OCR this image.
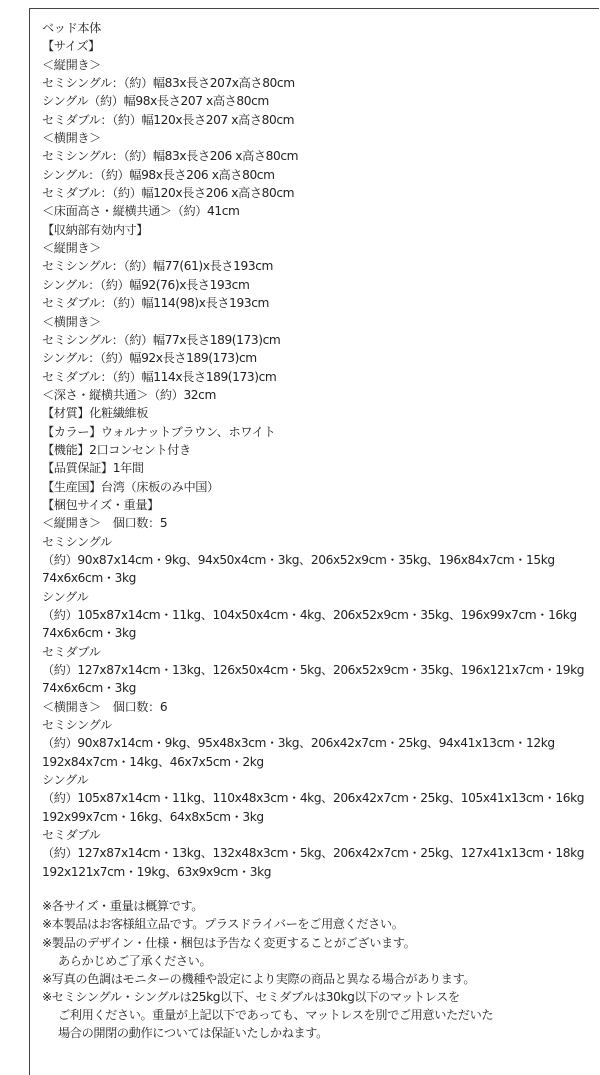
ベッド本体
【サイズ】
＜縦開き＞
セミシングル：（約）幅83x長さ207x高さ80cm
シングル（約）幅98x長さ207 x高さ80cm
セミダブル：（約）幅120x長さ207 x高さ80cm
＜横開き＞
セミシングル：（約）幅83x長さ206 x高さ80cm
シングル：（約）幅98x長さ206 x高さ80cm
セミダブル：（約）幅120x長さ206 x高さ80cm
＜床面高さ・縦横共通＞（約）41cm
【収納部有効内寸】
＜縦開き＞
セミシングル：（約）幅77(61)x長さ193cm
シングル：（約）幅92(76)x長さ193cm
セミダブル：（約）幅114(98)x長さ193cm
＜横開き＞
セミシングル：（約）幅77x長さ189(173)cm
シングル：（約）幅92x長さ189(173)cm
セミダブル：（約）幅114x長さ189(173)cm
＜深さ・縦横共通＞（約）32cm
【材質】化粧繊維板
【カラー】ウォルナットブラウン、ホワイト
【機能】2口コンセント付き
【品質保証】1年間
【生産国】台湾（床板のみ中国）
【梱包サイズ・重量】
＜縦開き＞　個口数：5
セミシングル
（約）90x87x14cm・9kg、94x50x4cm・3kg、206x52x9cm・35kg、196x84x7cm・15kg
74x6x6cm・3kg
シングル
（約）105x87x14cm・11kg、104x50x4cm・4kg、206x52x9cm・35kg、196x99x7cm・16kg
74x6x6cm・3kg
セミダブル
（約）127x87x14cm・13kg、126x50x4cm・5kg、206x52x9cm・35kg、196x121x7cm・19kg
74x6x6cm・3kg
＜横開き＞　個口数：6
セミシングル
（約）90x87x14cm・9kg、95x48x3cm・3kg、206x42x7cm・25kg、94x41x13cm・12kg
192x84x7cm・14kg、46x7x5cm・2kg
シングル
（約）105x87x14cm・11kg、110x48x3cm・4kg、206x42x7cm・25kg、105x41x13cm・16kg
192x99x7cm・16kg、64x8x5cm・3kg
セミダブル
（約）127x87x14cm・13kg、132x48x3cm・5kg、206x42x7cm・25kg、127x41x13cm・18kg
192x121x7cm・19kg、63x9x9cm・3kg
※各サイズ・重量は概算です。
※本製品はお客様組立品です。プラスドライバーをご用意ください。
※製品のデザイン・仕様・梱包は予告なく変更することがございます。
あらかじめご了承ください。
※写真の色調はモニターの機種や設定により実際の商品と異なる場合があります。
※セミシングル・シングルは25kg以下、セミダブルは30kg以下のマットレスを
ご利用ください。重量が上記以下であっても、マットレスを別でご用意いただいた
場合の開閉の動作については保証いたしかねます。
